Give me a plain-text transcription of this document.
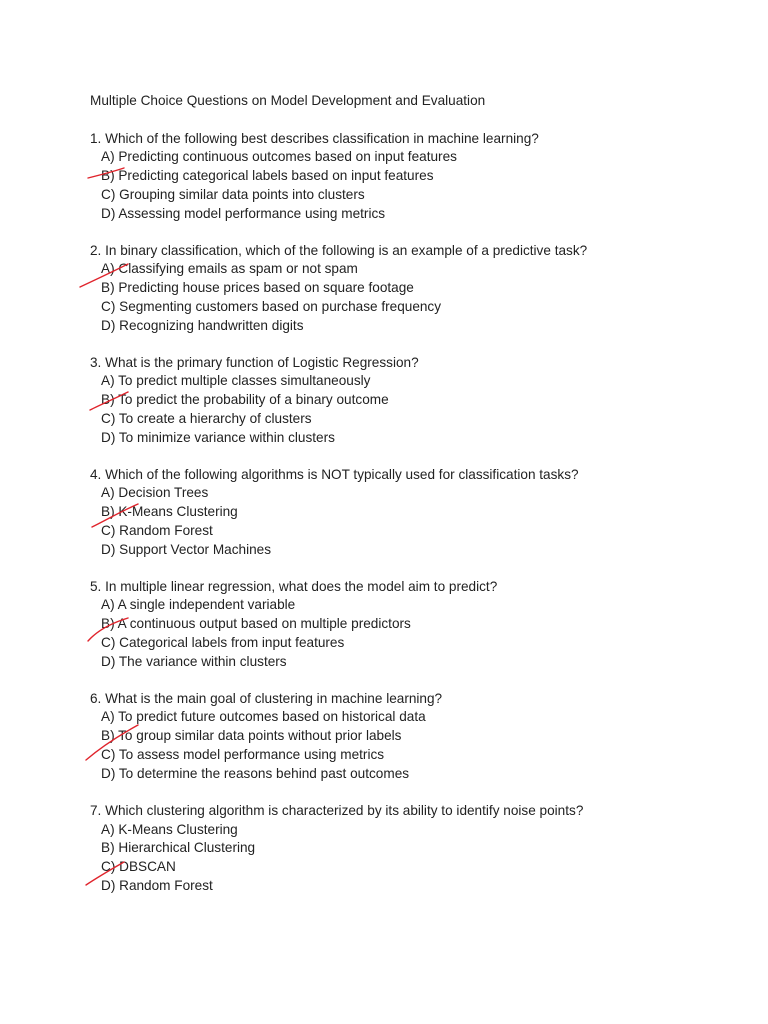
Multiple Choice Questions on Model Development and Evaluation
1. Which of the following best describes classification in machine learning?
A) Predicting continuous outcomes based on input features
B) Predicting categorical labels based on input features
C) Grouping similar data points into clusters
D) Assessing model performance using metrics
2. In binary classification, which of the following is an example of a predictive task?
A) Classifying emails as spam or not spam
B) Predicting house prices based on square footage
C) Segmenting customers based on purchase frequency
D) Recognizing handwritten digits
3. What is the primary function of Logistic Regression?
A) To predict multiple classes simultaneously
B) To predict the probability of a binary outcome
C) To create a hierarchy of clusters
D) To minimize variance within clusters
4. Which of the following algorithms is NOT typically used for classification tasks?
A) Decision Trees
B) K-Means Clustering
C) Random Forest
D) Support Vector Machines
5. In multiple linear regression, what does the model aim to predict?
A) A single independent variable
B) A continuous output based on multiple predictors
C) Categorical labels from input features
D) The variance within clusters
6. What is the main goal of clustering in machine learning?
A) To predict future outcomes based on historical data
B) To group similar data points without prior labels
C) To assess model performance using metrics
D) To determine the reasons behind past outcomes
7. Which clustering algorithm is characterized by its ability to identify noise points?
A) K-Means Clustering
B) Hierarchical Clustering
C) DBSCAN
D) Random Forest
